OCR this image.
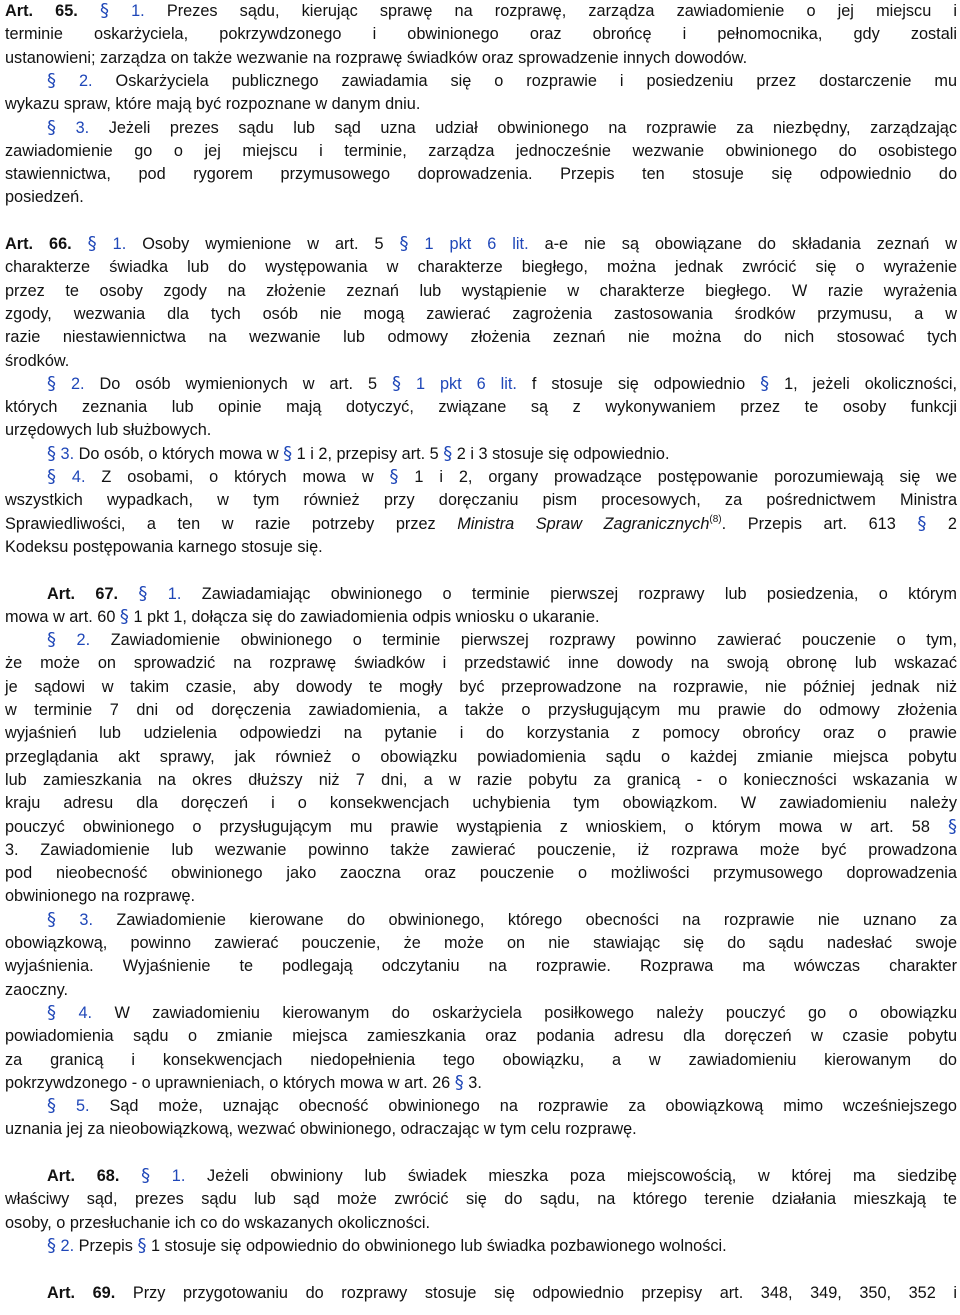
Art. 65. § 1. Prezes sądu, kierując sprawę na rozprawę, zarządza zawiadomienie o jej miejscu i
terminie oskarżyciela, pokrzywdzonego i obwinionego oraz obrońcę i pełnomocnika, gdy zostali
ustanowieni; zarządza on także wezwanie na rozprawę świadków oraz sprowadzenie innych dowodów.
§ 2. Oskarżyciela publicznego zawiadamia się o rozprawie i posiedzeniu przez dostarczenie mu
wykazu spraw, które mają być rozpoznane w danym dniu.
§ 3. Jeżeli prezes sądu lub sąd uzna udział obwinionego na rozprawie za niezbędny, zarządzając
zawiadomienie go o jej miejscu i terminie, zarządza jednocześnie wezwanie obwinionego do osobistego
stawiennictwa, pod rygorem przymusowego doprowadzenia. Przepis ten stosuje się odpowiednio do
posiedzeń.
Art. 66. § 1. Osoby wymienione w art. 5 § 1 pkt 6 lit. a-e nie są obowiązane do składania zeznań w
charakterze świadka lub do występowania w charakterze biegłego, można jednak zwrócić się o wyrażenie
przez te osoby zgody na złożenie zeznań lub wystąpienie w charakterze biegłego. W razie wyrażenia
zgody, wezwania dla tych osób nie mogą zawierać zagrożenia zastosowania środków przymusu, a w
razie niestawiennictwa na wezwanie lub odmowy złożenia zeznań nie można do nich stosować tych
środków.
§ 2. Do osób wymienionych w art. 5 § 1 pkt 6 lit. f stosuje się odpowiednio § 1, jeżeli okoliczności,
których zeznania lub opinie mają dotyczyć, związane są z wykonywaniem przez te osoby funkcji
urzędowych lub służbowych.
§ 3. Do osób, o których mowa w § 1 i 2, przepisy art. 5 § 2 i 3 stosuje się odpowiednio.
§ 4. Z osobami, o których mowa w § 1 i 2, organy prowadzące postępowanie porozumiewają się we
wszystkich wypadkach, w tym również przy doręczaniu pism procesowych, za pośrednictwem Ministra
Sprawiedliwości, a ten w razie potrzeby przez Ministra Spraw Zagranicznych$^{(8)}$. Przepis art. 613 § 2
Kodeksu postępowania karnego stosuje się.
Art. 67. § 1. Zawiadamiając obwinionego o terminie pierwszej rozprawy lub posiedzenia, o którym
mowa w art. 60 § 1 pkt 1, dołącza się do zawiadomienia odpis wniosku o ukaranie.
§ 2. Zawiadomienie obwinionego o terminie pierwszej rozprawy powinno zawierać pouczenie o tym,
że może on sprowadzić na rozprawę świadków i przedstawić inne dowody na swoją obronę lub wskazać
je sądowi w takim czasie, aby dowody te mogły być przeprowadzone na rozprawie, nie później jednak niż
w terminie 7 dni od doręczenia zawiadomienia, a także o przysługującym mu prawie do odmowy złożenia
wyjaśnień lub udzielenia odpowiedzi na pytanie i do korzystania z pomocy obrońcy oraz o prawie
przeglądania akt sprawy, jak również o obowiązku powiadomienia sądu o każdej zmianie miejsca pobytu
lub zamieszkania na okres dłuższy niż 7 dni, a w razie pobytu za granicą - o konieczności wskazania w
kraju adresu dla doręczeń i o konsekwencjach uchybienia tym obowiązkom. W zawiadomieniu należy
pouczyć obwinionego o przysługującym mu prawie wystąpienia z wnioskiem, o którym mowa w art. 58 §
3. Zawiadomienie lub wezwanie powinno także zawierać pouczenie, iż rozprawa może być prowadzona
pod nieobecność obwinionego jako zaoczna oraz pouczenie o możliwości przymusowego doprowadzenia
obwinionego na rozprawę.
§ 3. Zawiadomienie kierowane do obwinionego, którego obecności na rozprawie nie uznano za
obowiązkową, powinno zawierać pouczenie, że może on nie stawiając się do sądu nadesłać swoje
wyjaśnienia. Wyjaśnienie te podlegają odczytaniu na rozprawie. Rozprawa ma wówczas charakter
zaoczny.
§ 4. W zawiadomieniu kierowanym do oskarżyciela posiłkowego należy pouczyć go o obowiązku
powiadomienia sądu o zmianie miejsca zamieszkania oraz podania adresu dla doręczeń w czasie pobytu
za granicą i konsekwencjach niedopełnienia tego obowiązku, a w zawiadomieniu kierowanym do
pokrzywdzonego - o uprawnieniach, o których mowa w art. 26 § 3.
§ 5. Sąd może, uznając obecność obwinionego na rozprawie za obowiązkową mimo wcześniejszego
uznania jej za nieobowiązkową, wezwać obwinionego, odraczając w tym celu rozprawę.
Art. 68. § 1. Jeżeli obwiniony lub świadek mieszka poza miejscowością, w której ma siedzibę
właściwy sąd, prezes sądu lub sąd może zwrócić się do sądu, na którego terenie działania mieszkają te
osoby, o przesłuchanie ich co do wskazanych okoliczności.
§ 2. Przepis § 1 stosuje się odpowiednio do obwinionego lub świadka pozbawionego wolności.
Art. 69. Przy przygotowaniu do rozprawy stosuje się odpowiednio przepisy art. 348, 349, 350, 352 i
